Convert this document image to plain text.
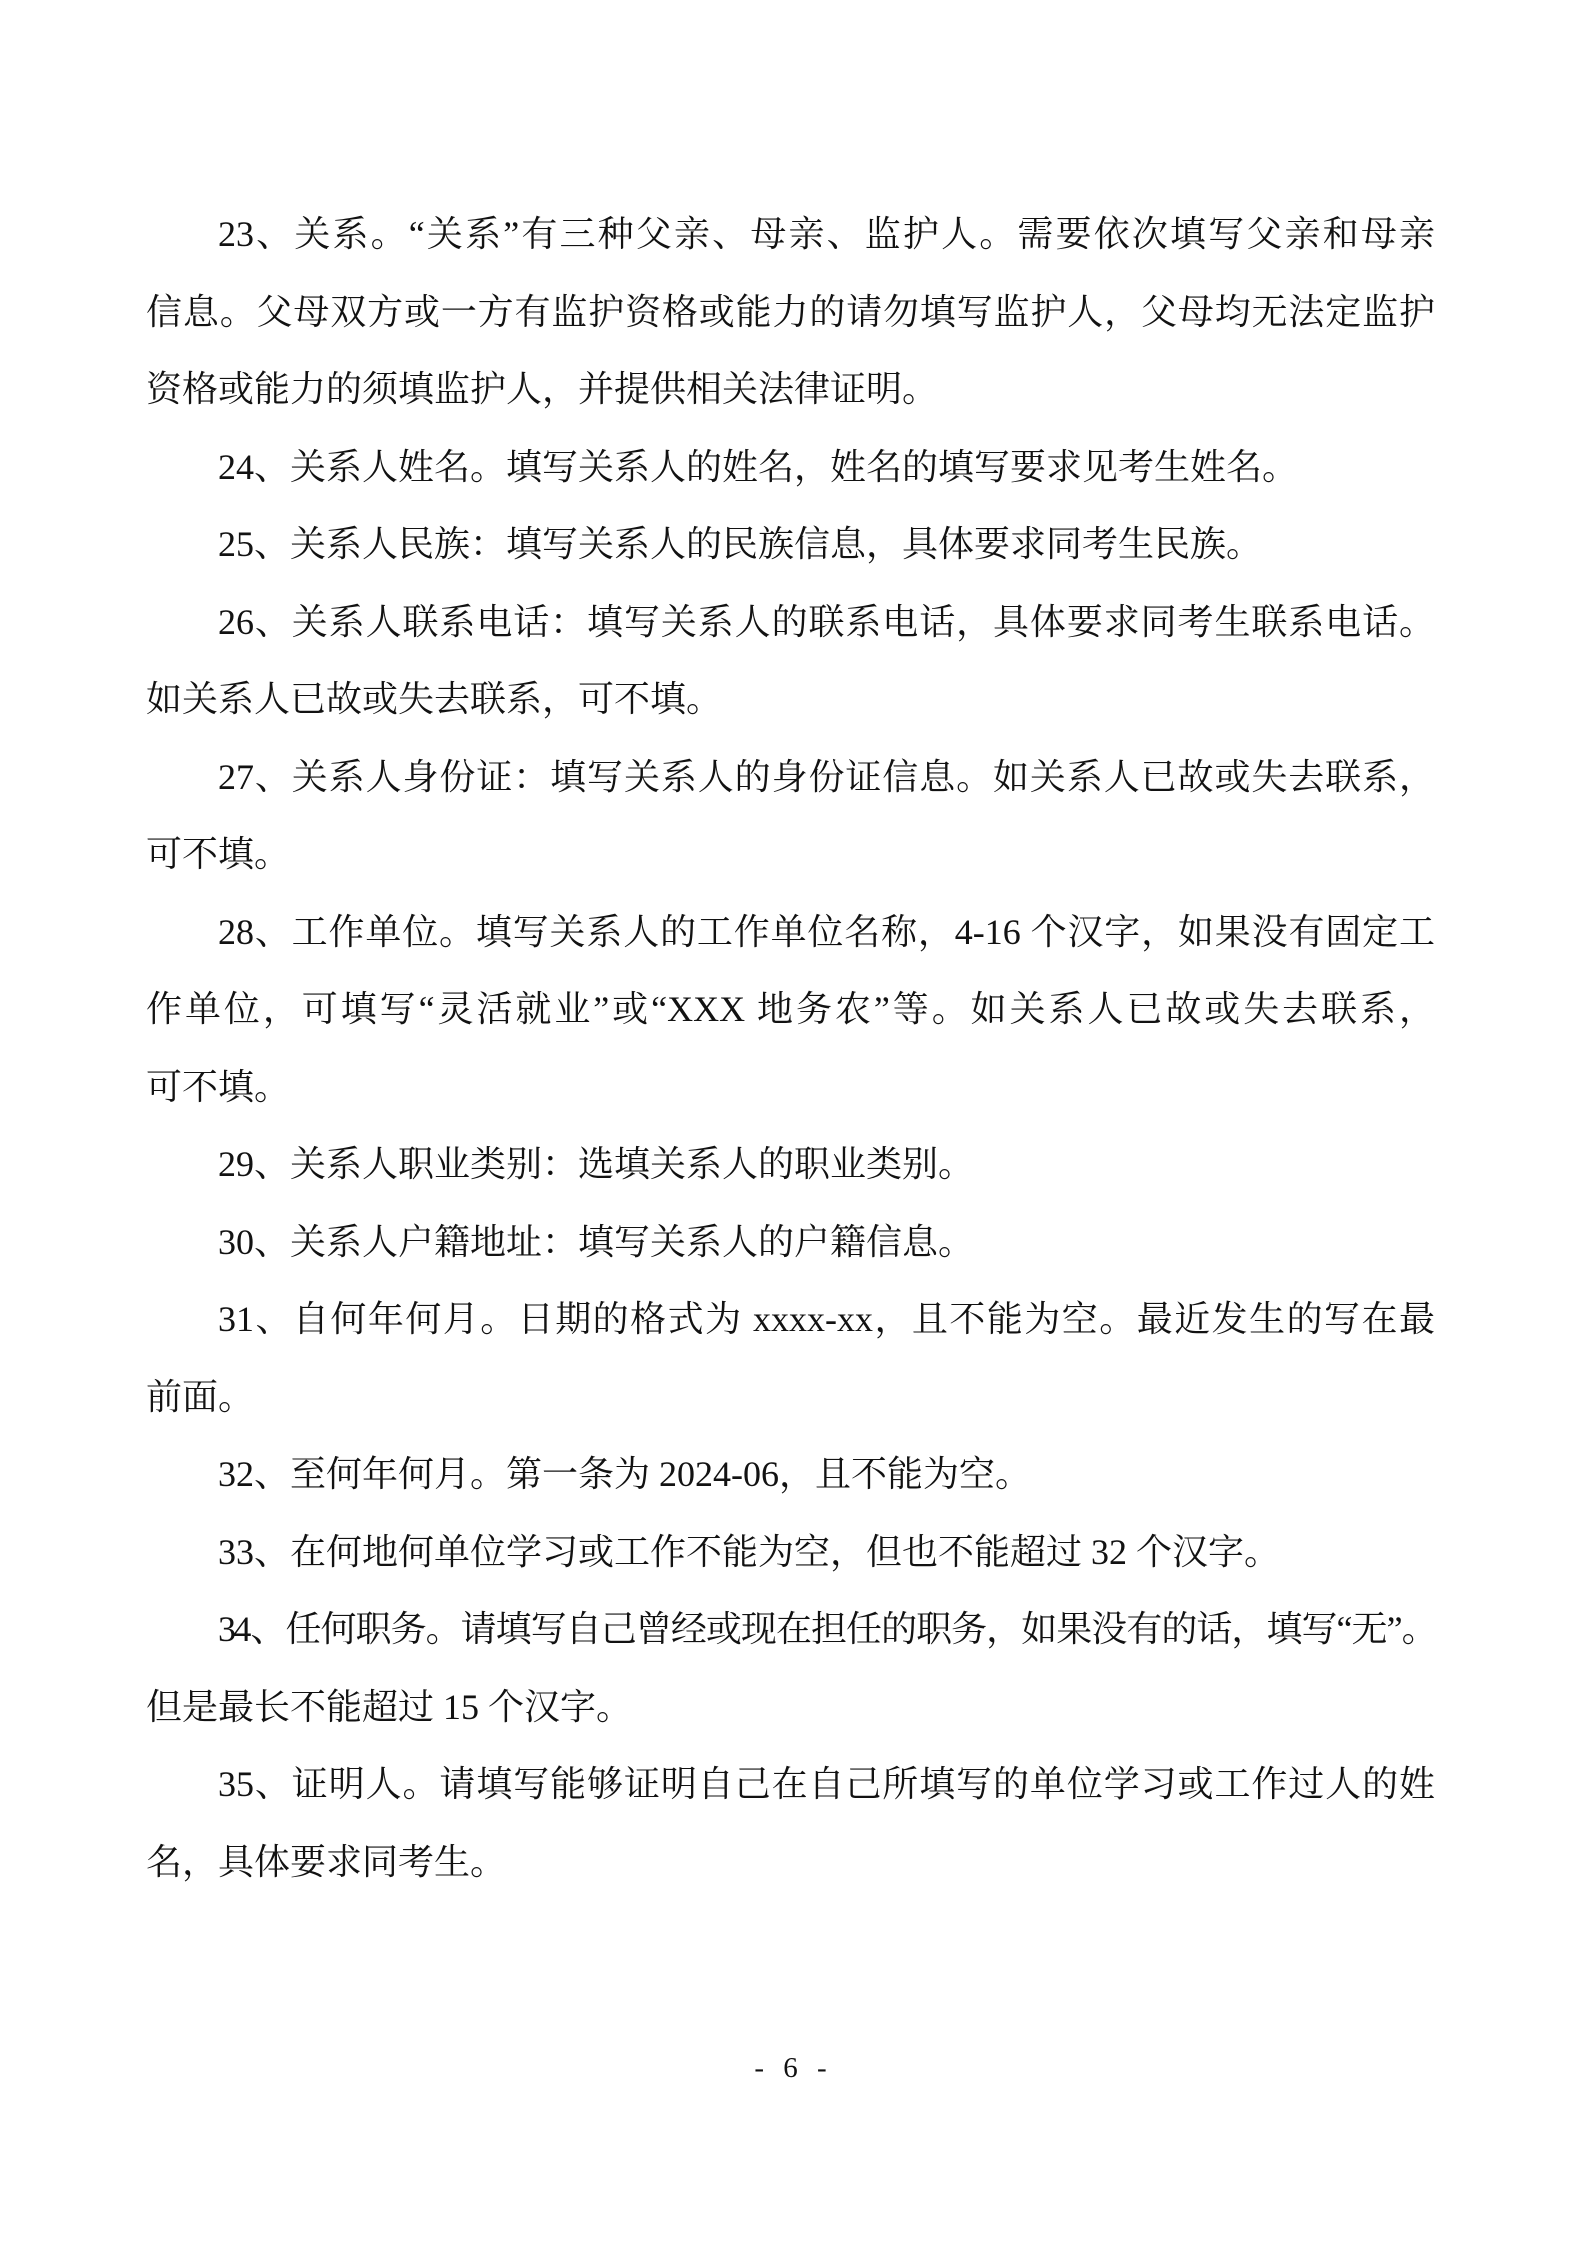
23、关系。“关系”有三种父亲、母亲、监护人。需要依次填写父亲和母亲
信息。父母双方或一方有监护资格或能力的请勿填写监护人，父母均无法定监护
资格或能力的须填监护人，并提供相关法律证明。
24、关系人姓名。填写关系人的姓名，姓名的填写要求见考生姓名。
25、关系人民族：填写关系人的民族信息，具体要求同考生民族。
26、关系人联系电话：填写关系人的联系电话，具体要求同考生联系电话。
如关系人已故或失去联系，可不填。
27、关系人身份证：填写关系人的身份证信息。如关系人已故或失去联系，
可不填。
28、工作单位。填写关系人的工作单位名称，4-16 个汉字，如果没有固定工
作单位，可填写“灵活就业”或“XXX 地务农”等。如关系人已故或失去联系，
可不填。
29、关系人职业类别：选填关系人的职业类别。
30、关系人户籍地址：填写关系人的户籍信息。
31、自何年何月。日期的格式为 xxxx-xx，且不能为空。最近发生的写在最
前面。
32、至何年何月。第一条为 2024-06，且不能为空。
33、在何地何单位学习或工作不能为空，但也不能超过 32 个汉字。
34、任何职务。请填写自己曾经或现在担任的职务，如果没有的话，填写“无”。
但是最长不能超过 15 个汉字。
35、证明人。请填写能够证明自己在自己所填写的单位学习或工作过人的姓
名，具体要求同考生。
- 6 -
